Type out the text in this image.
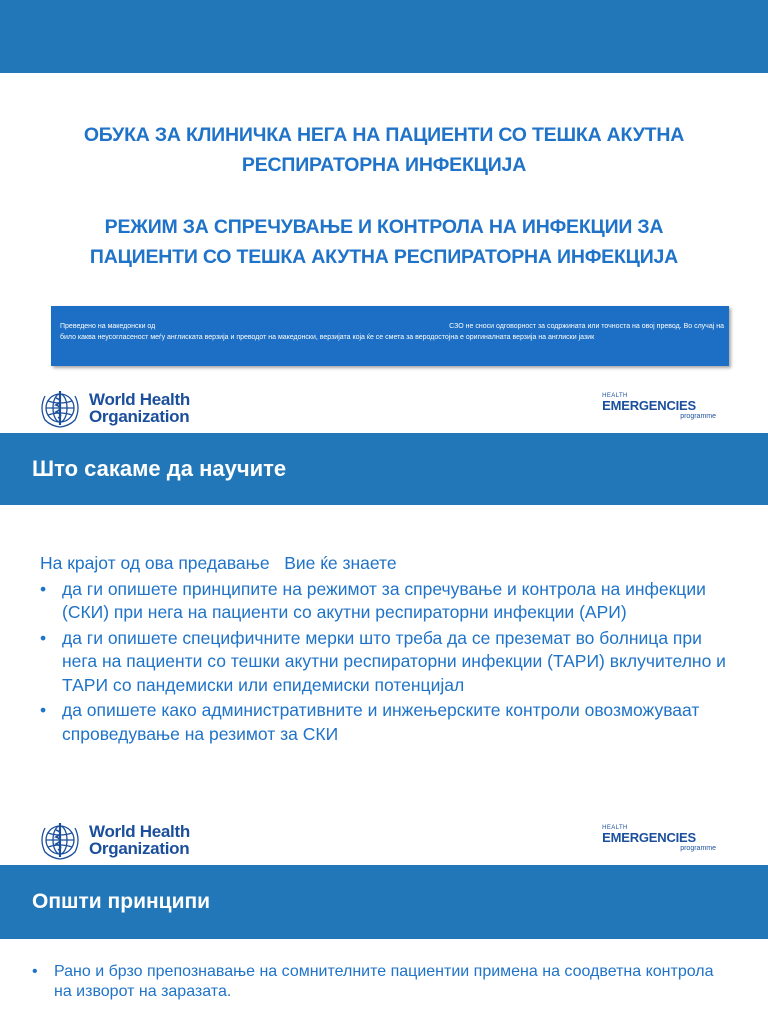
ОБУКА ЗА КЛИНИЧКА НЕГА НА ПАЦИЕНТИ СО ТЕШКА АКУТНА
РЕСПИРАТОРНА ИНФЕКЦИЈА
РЕЖИМ ЗА СПРЕЧУВАЊЕ И КОНТРОЛА НА ИНФЕКЦИИ ЗА
ПАЦИЕНТИ СО ТЕШКА АКУТНА РЕСПИРАТОРНА ИНФЕКЦИЈА
Преведено на македонски од	СЗО не сноси одговорност за содржината или точноста на овој превод. Во случај на
било каква неусогласеност меѓу англиската верзија и преводот на македонски, верзијата која ќе се смета за веродостојна е оригиналната верзија на англиски јазик
World Health
Organization
HEALTH
EMERGENCIES
programme
Што сакаме да научите
На крајот од ова предавање   Вие ќе знаете
• да ги опишете принципите на режимот за спречување и контрола на инфекции (СКИ) при нега на пациенти со акутни респираторни инфекции (АРИ)
• да ги опишете специфичните мерки што треба да се преземат во болница при нега на пациенти со тешки акутни респираторни инфекции (ТАРИ) вклучително и ТАРИ со пандемиски или епидемиски потенцијал
• да опишете како административните и инжењерските контроли овозможуваат спроведување на резимот за СКИ
World Health
Organization
HEALTH
EMERGENCIES
programme
Општи принципи
•	Рано и брзо препознавање на сомнителните пациентии примена на соодветна контрола на изворот на заразата.
